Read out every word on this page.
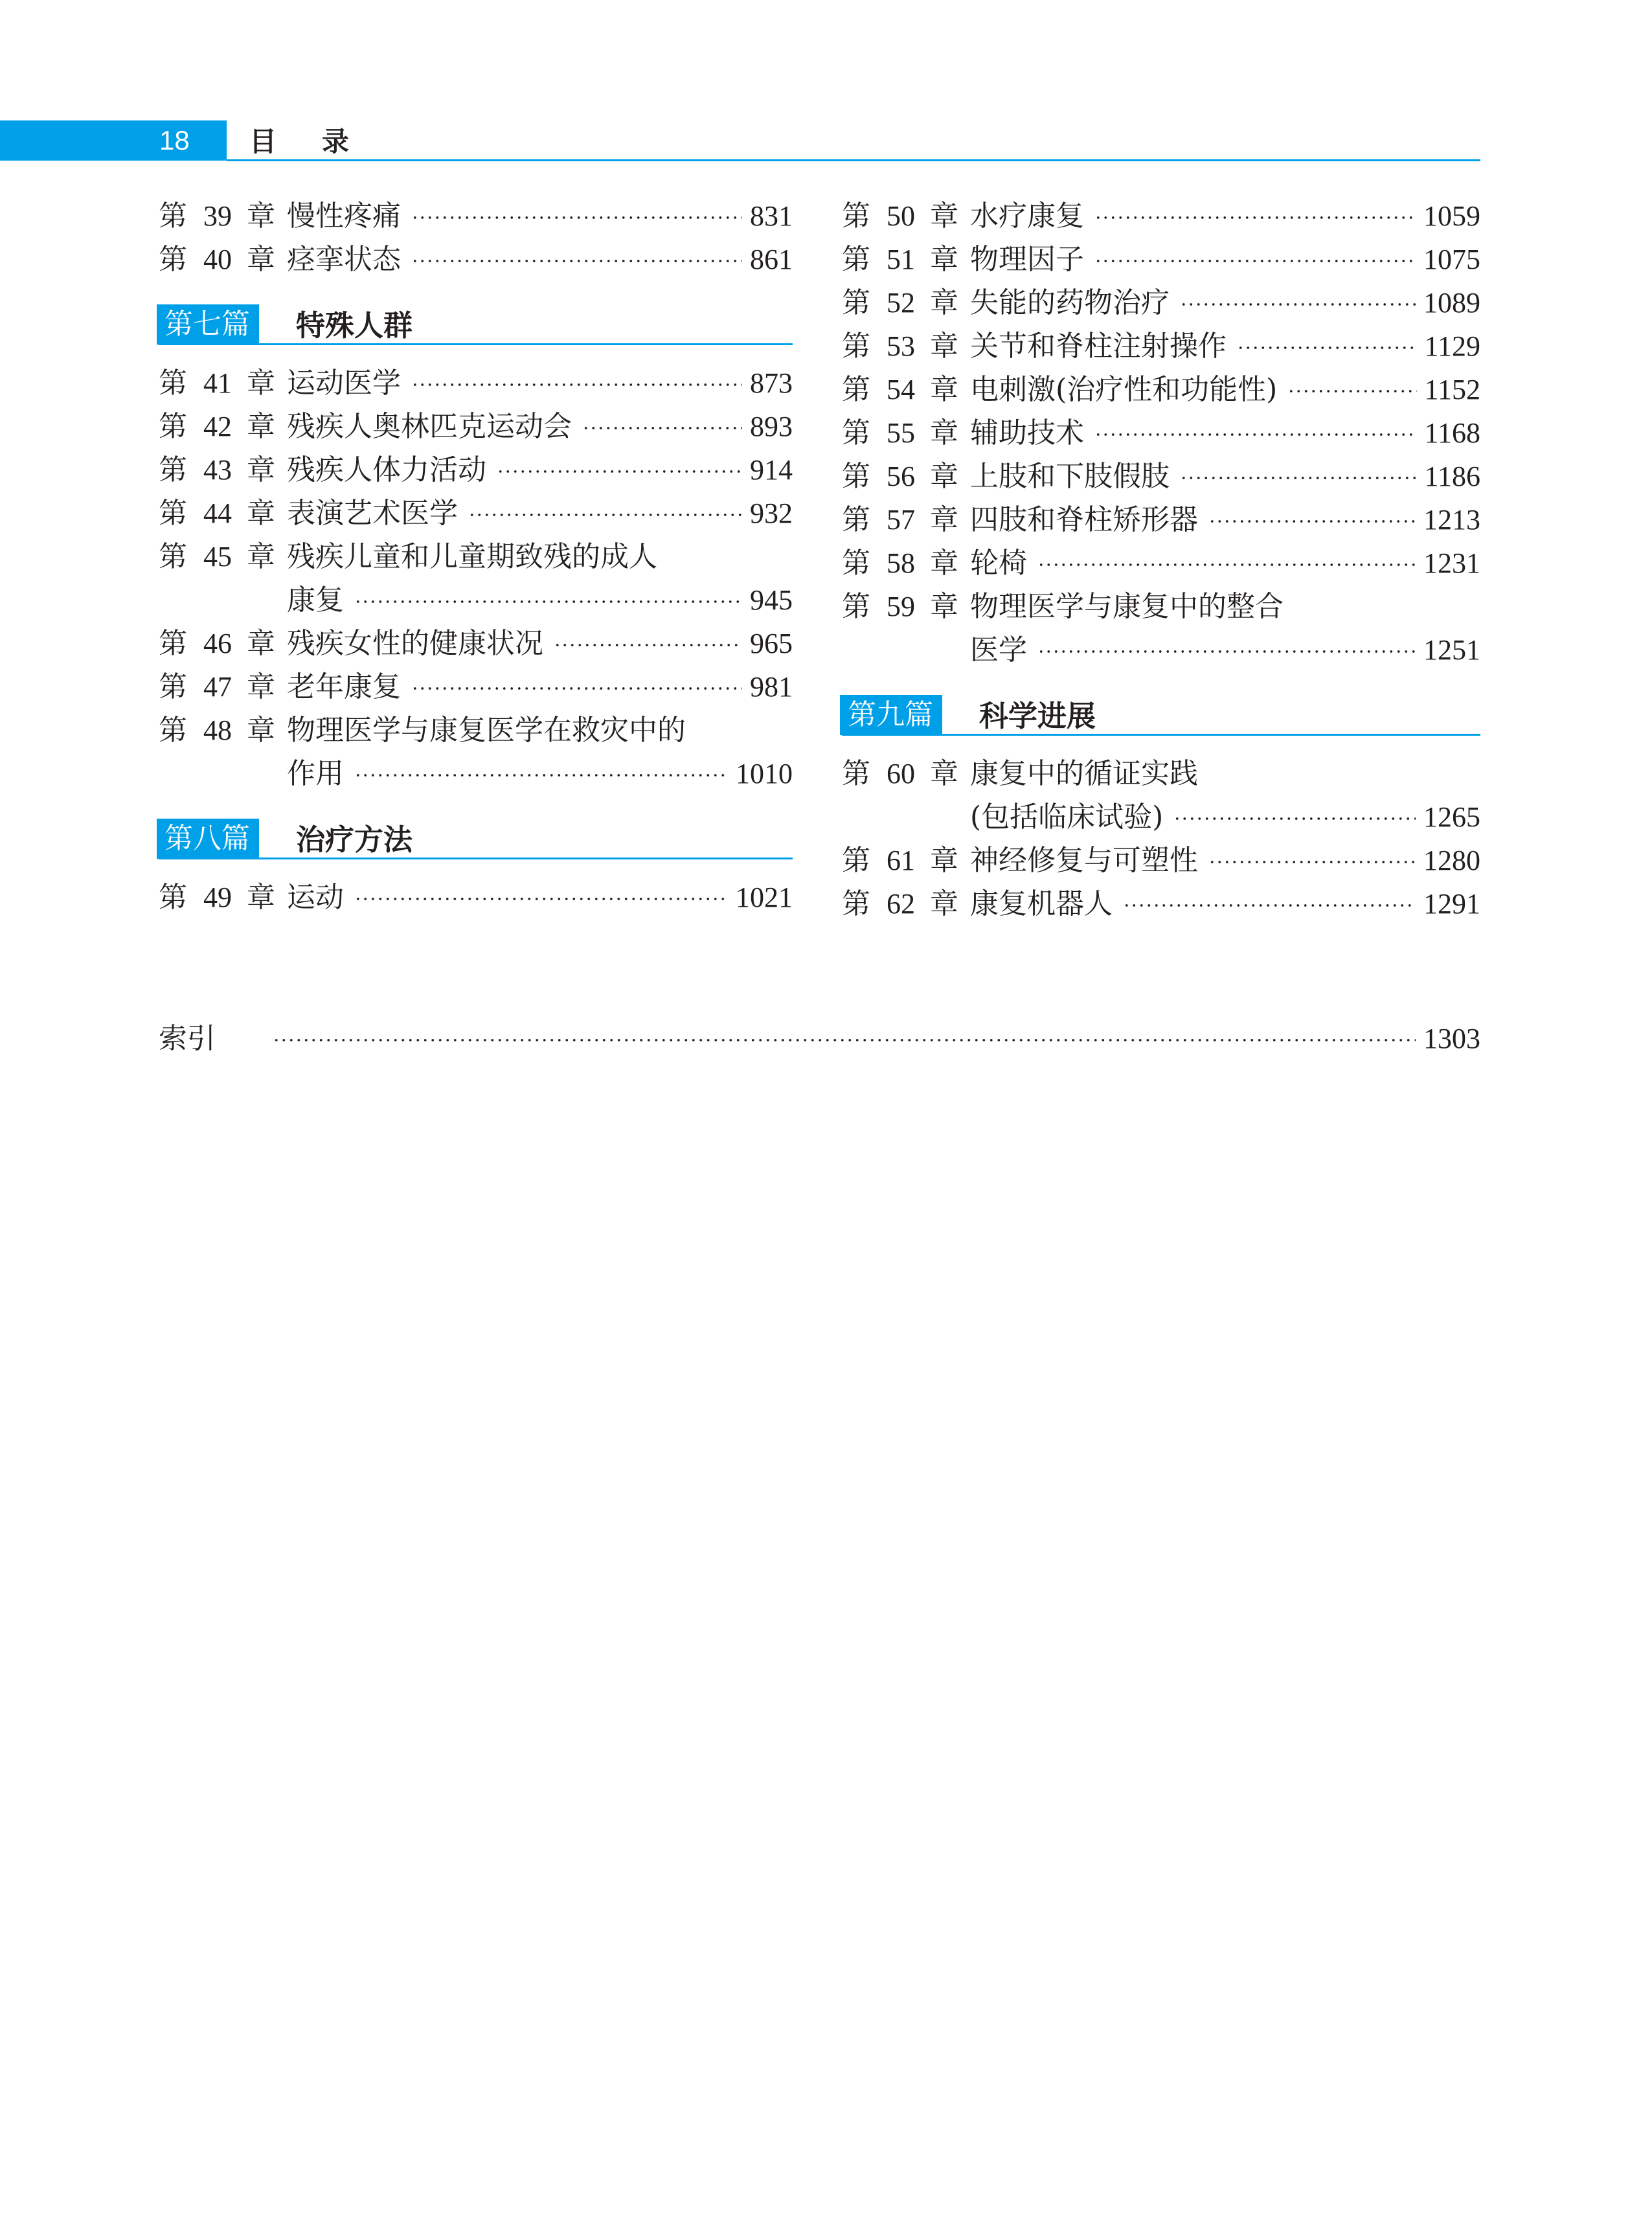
18 目录
第 39 章 慢性疼痛	831
第 40 章 痉挛状态	861
第七篇	特殊人群
第 41 章 运动医学	873
第 42 章 残疾人奥林匹克运动会	893
第 43 章 残疾人体力活动	914
第 44 章 表演艺术医学	932
第 45 章 残疾儿童和儿童期致残的成人
康复	945
第 46 章 残疾女性的健康状况	965
第 47 章 老年康复	981
第 48 章 物理医学与康复医学在救灾中的
作用	1010
第八篇	治疗方法
第 49 章 运动	1021
第 50 章 水疗康复	1059
第 51 章 物理因子	1075
第 52 章 失能的药物治疗	1089
第 53 章 关节和脊柱注射操作	1129
第 54 章 电刺激(治疗性和功能性)	1152
第 55 章 辅助技术	1168
第 56 章 上肢和下肢假肢	1186
第 57 章 四肢和脊柱矫形器	1213
第 58 章 轮椅	1231
第 59 章 物理医学与康复中的整合
医学	1251
第九篇	科学进展
第 60 章 康复中的循证实践
(包括临床试验)	1265
第 61 章 神经修复与可塑性	1280
第 62 章 康复机器人	1291
索引	1303
